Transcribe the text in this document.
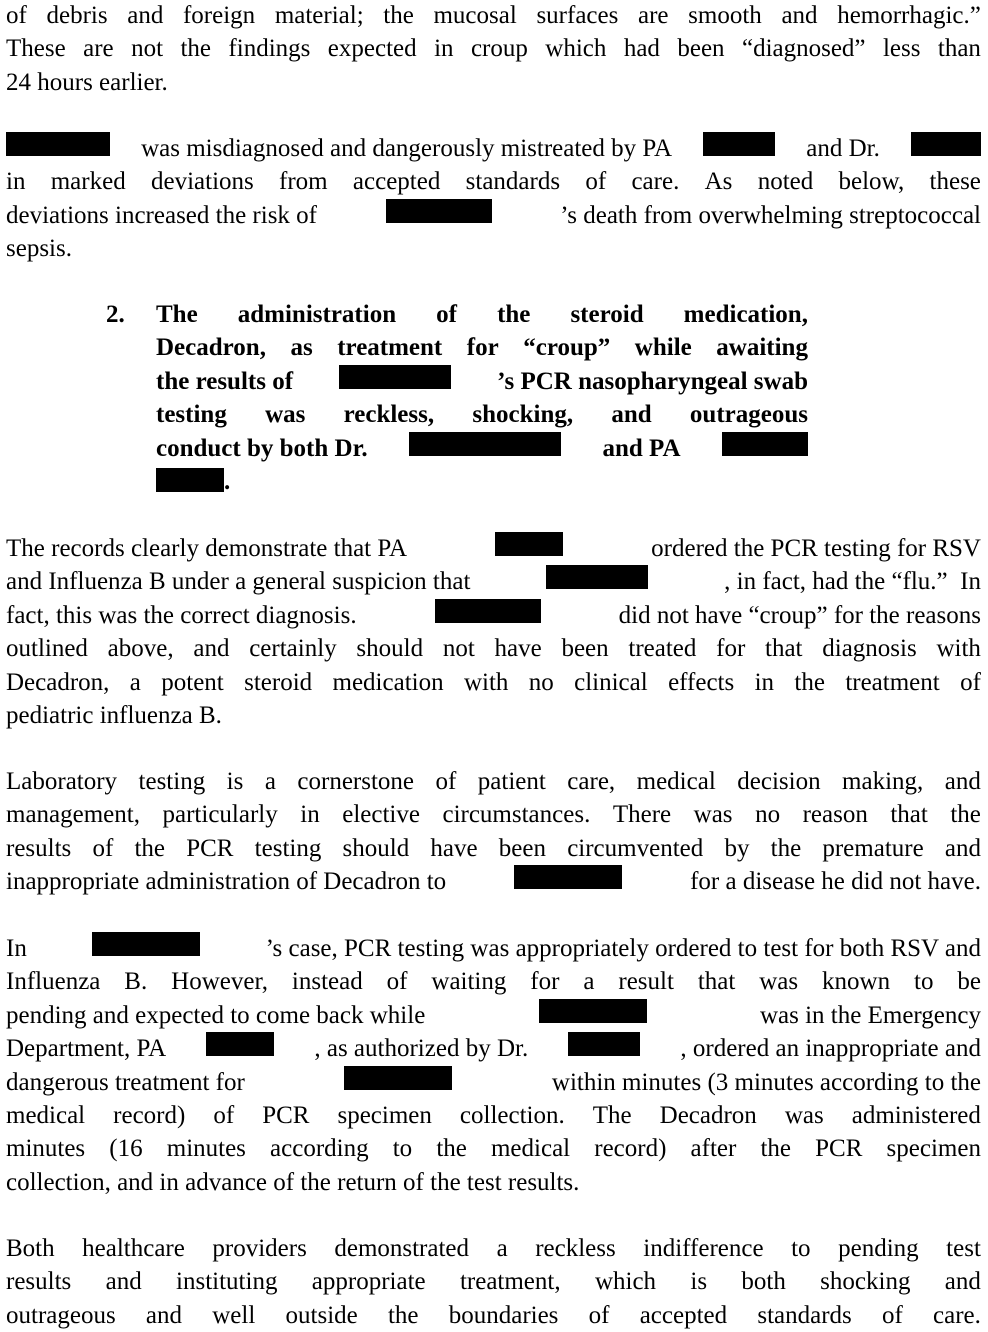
of debris and foreign material; the mucosal surfaces are smooth and hemorrhagic.”
These are not the findings expected in croup which had been “diagnosed” less than
24 hours earlier.
was misdiagnosed and dangerously mistreated by PA	and Dr.
in marked deviations from accepted standards of care. As noted below, these
deviations increased the risk of	’s death from overwhelming streptococcal
sepsis.
2. The administration of the steroid medication,
Decadron, as treatment for “croup” while awaiting
the results of	’s PCR nasopharyngeal swab
testing was reckless, shocking, and outrageous
conduct by both Dr.	and PA
.
The records clearly demonstrate that PA	ordered the PCR testing for RSV
and Influenza B under a general suspicion that	, in fact, had the “flu.”  In
fact, this was the correct diagnosis.	did not have “croup” for the reasons
outlined above, and certainly should not have been treated for that diagnosis with
Decadron, a potent steroid medication with no clinical effects in the treatment of
pediatric influenza B.
Laboratory testing is a cornerstone of patient care, medical decision making, and
management, particularly in elective circumstances. There was no reason that the
results of the PCR testing should have been circumvented by the premature and
inappropriate administration of Decadron to	for a disease he did not have.
In	’s case, PCR testing was appropriately ordered to test for both RSV and
Influenza B. However, instead of waiting for a result that was known to be
pending and expected to come back while	was in the Emergency
Department, PA	, as authorized by Dr.	, ordered an inappropriate and
dangerous treatment for	within minutes (3 minutes according to the
medical record) of PCR specimen collection. The Decadron was administered
minutes (16 minutes according to the medical record) after the PCR specimen
collection, and in advance of the return of the test results.
Both healthcare providers demonstrated a reckless indifference to pending test
results and instituting appropriate treatment, which is both shocking and
outrageous and well outside the boundaries of accepted standards of care.
